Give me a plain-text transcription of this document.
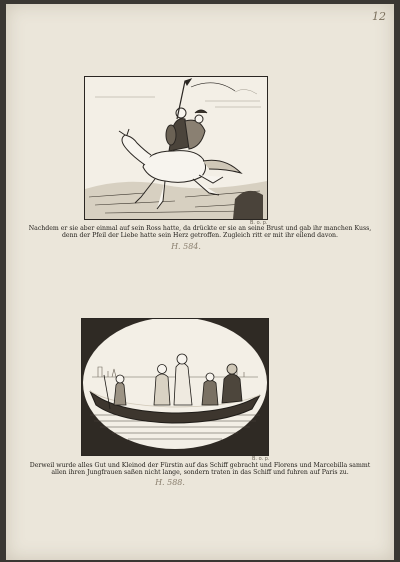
12
B. o. p.
Nachdem er sie aber einmal auf sein Ross hatte, da drückte er sie an seine Brust und gab ihr manchen Kuss, denn der Pfeil der Liebe hatte sein Herz getroffen. Zugleich ritt er mit ihr eilend davon.
H. 584.
B. o. p.
Derweil wurde alles Gut und Kleinod der Fürstin auf das Schiff gebracht und Florens und Marcebilla sammt allen ihren Jungfrauen saßen nicht lange, sondern traten in das Schiff und fuhren auf Paris zu.
H. 588.
